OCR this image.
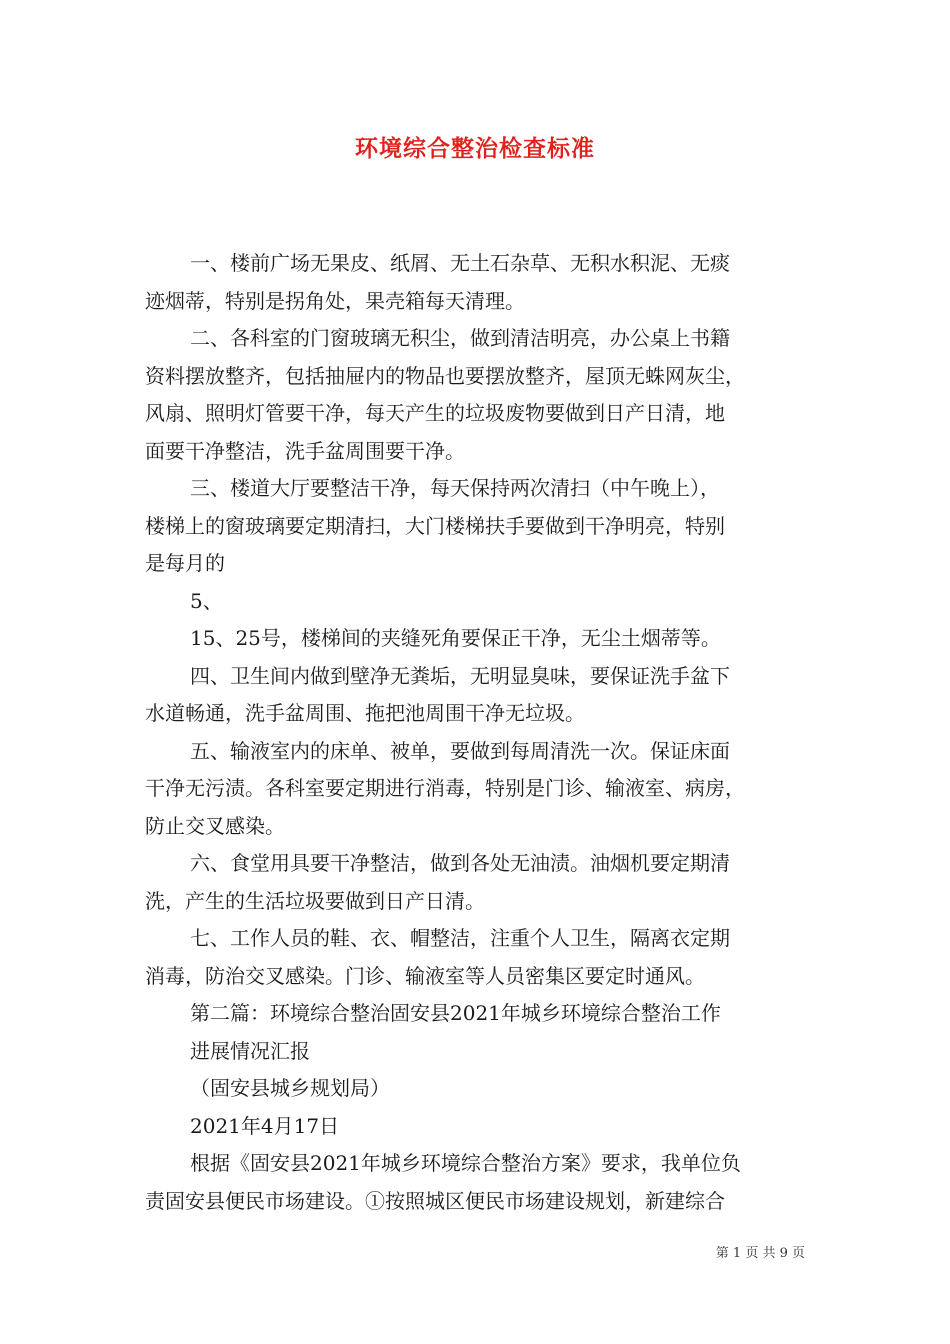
环境综合整治检查标准

一、楼前广场无果皮、纸屑、无土石杂草、无积水积泥、无痰

迹烟蒂，特别是拐角处，果壳箱每天清理。

二、各科室的门窗玻璃无积尘，做到清洁明亮，办公桌上书籍

资料摆放整齐，包括抽屉内的物品也要摆放整齐，屋顶无蛛网灰尘，

风扇、照明灯管要干净，每天产生的垃圾废物要做到日产日清，地

面要干净整洁，洗手盆周围要干净。

三、楼道大厅要整洁干净，每天保持两次清扫（中午晚上），

楼梯上的窗玻璃要定期清扫，大门楼梯扶手要做到干净明亮，特别

是每月的

5、

15、25号，楼梯间的夹缝死角要保正干净，无尘土烟蒂等。

四、卫生间内做到壁净无粪垢，无明显臭味，要保证洗手盆下

水道畅通，洗手盆周围、拖把池周围干净无垃圾。

五、输液室内的床单、被单，要做到每周清洗一次。保证床面

干净无污渍。各科室要定期进行消毒，特别是门诊、输液室、病房，

防止交叉感染。

六、食堂用具要干净整洁，做到各处无油渍。油烟机要定期清

洗，产生的生活垃圾要做到日产日清。

七、工作人员的鞋、衣、帽整洁，注重个人卫生，隔离衣定期

消毒，防治交叉感染。门诊、输液室等人员密集区要定时通风。

第二篇：环境综合整治固安县2021年城乡环境综合整治工作

进展情况汇报

（固安县城乡规划局）

2021年4月17日

根据《固安县2021年城乡环境综合整治方案》要求，我单位负

责固安县便民市场建设。①按照城区便民市场建设规划，新建综合

第 1 页 共 9 页
